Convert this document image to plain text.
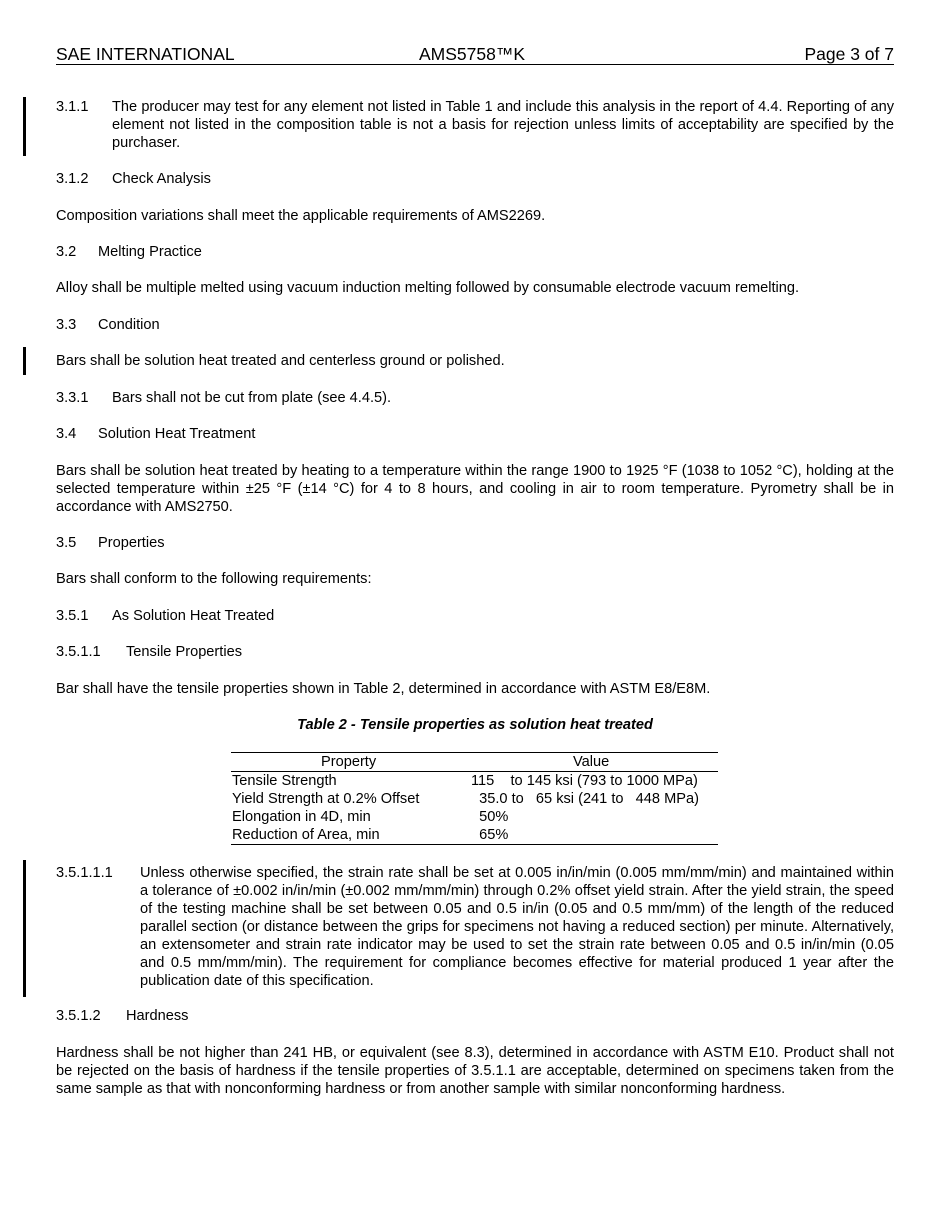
SAE INTERNATIONAL	AMS5758™K	Page 3 of 7
3.1.1 The producer may test for any element not listed in Table 1 and include this analysis in the report of 4.4. Reporting of any element not listed in the composition table is not a basis for rejection unless limits of acceptability are specified by the purchaser.
3.1.2 Check Analysis
Composition variations shall meet the applicable requirements of AMS2269.
3.2 Melting Practice
Alloy shall be multiple melted using vacuum induction melting followed by consumable electrode vacuum remelting.
3.3 Condition
Bars shall be solution heat treated and centerless ground or polished.
3.3.1 Bars shall not be cut from plate (see 4.4.5).
3.4 Solution Heat Treatment
Bars shall be solution heat treated by heating to a temperature within the range 1900 to 1925 °F (1038 to 1052 °C), holding at the selected temperature within ±25 °F (±14 °C) for 4 to 8 hours, and cooling in air to room temperature. Pyrometry shall be in accordance with AMS2750.
3.5 Properties
Bars shall conform to the following requirements:
3.5.1 As Solution Heat Treated
3.5.1.1 Tensile Properties
Bar shall have the tensile properties shown in Table 2, determined in accordance with ASTM E8/E8M.
Table 2 - Tensile properties as solution heat treated
Property	Value
Tensile Strength	115    to 145 ksi (793 to 1000 MPa)
Yield Strength at 0.2% Offset	35.0 to   65 ksi (241 to   448 MPa)
Elongation in 4D, min	50%
Reduction of Area, min	65%
3.5.1.1.1 Unless otherwise specified, the strain rate shall be set at 0.005 in/in/min (0.005 mm/mm/min) and maintained within a tolerance of ±0.002 in/in/min (±0.002 mm/mm/min) through 0.2% offset yield strain. After the yield strain, the speed of the testing machine shall be set between 0.05 and 0.5 in/in (0.05 and 0.5 mm/mm) of the length of the reduced parallel section (or distance between the grips for specimens not having a reduced section) per minute. Alternatively, an extensometer and strain rate indicator may be used to set the strain rate between 0.05 and 0.5 in/in/min (0.05 and 0.5 mm/mm/min). The requirement for compliance becomes effective for material produced 1 year after the publication date of this specification.
3.5.1.2 Hardness
Hardness shall be not higher than 241 HB, or equivalent (see 8.3), determined in accordance with ASTM E10. Product shall not be rejected on the basis of hardness if the tensile properties of 3.5.1.1 are acceptable, determined on specimens taken from the same sample as that with nonconforming hardness or from another sample with similar nonconforming hardness.
